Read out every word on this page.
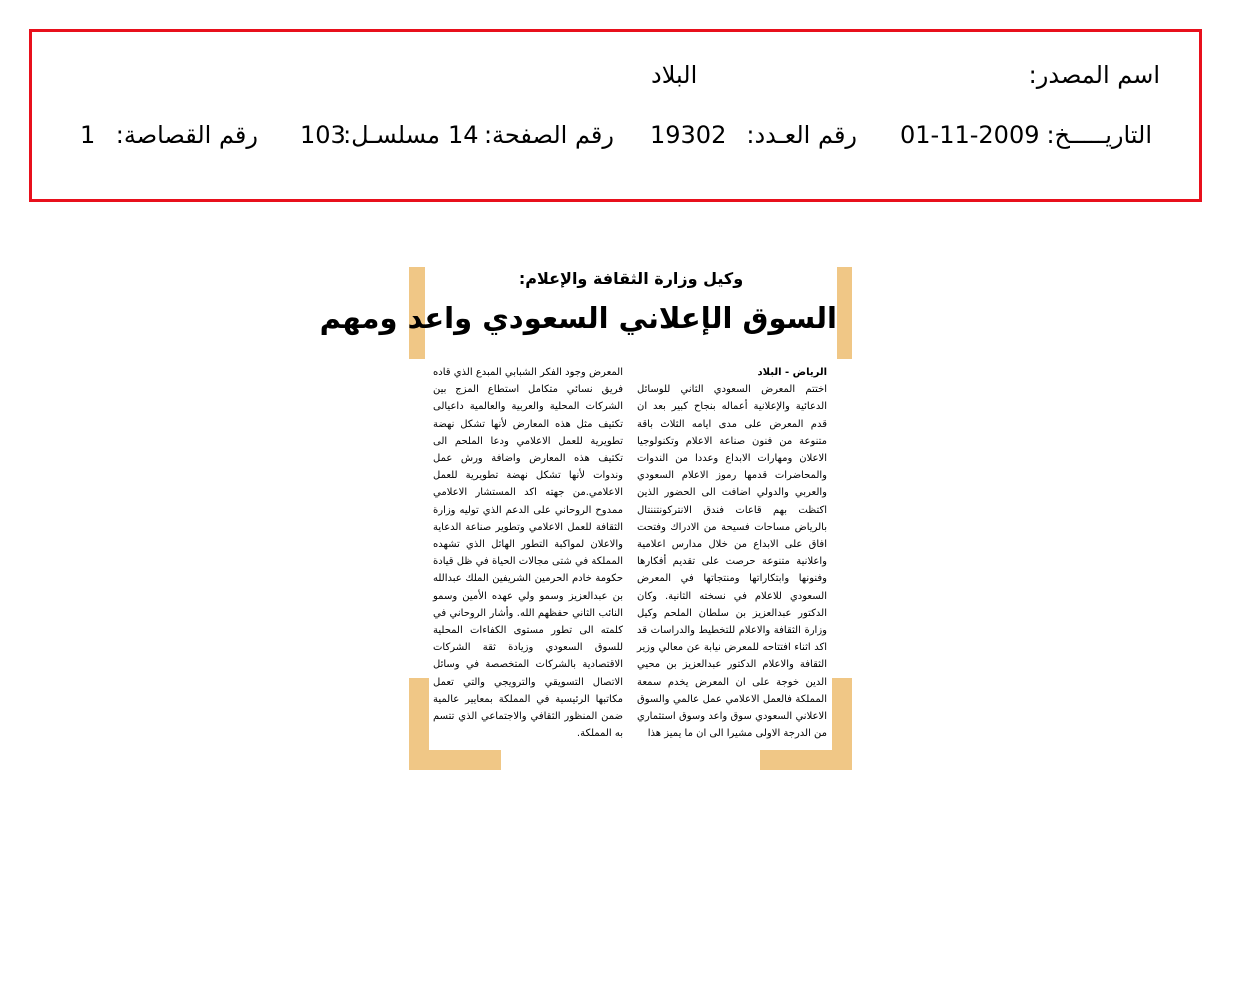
اسم المصدر:
البلاد
التاريـــــخ:
01-11-2009
رقم العـدد:
19302
رقم الصفحة:
14
مسلسـل:
103
رقم القصاصة:
1
وكيل وزارة الثقافة والإعلام:
السوق الإعلاني السعودي واعد ومهم
الرياض - البلاد
اختتم المعرض السعودي الثاني للوسائل الدعائية والإعلانية أعماله بنجاح كبير بعد ان قدم المعرض على مدى ايامه الثلاث باقة متنوعة من فنون صناعة الاعلام وتكنولوجيا الاعلان ومهارات الابداع وعددا من الندوات والمحاضرات قدمها رموز الاعلام السعودي والعربي والدولي اضافت الى الحضور الذين اكتظت بهم قاعات فندق الانتركونتننتال بالرياض مساحات فسيحة من الادراك وفتحت افاق على الابداع من خلال مدارس اعلامية واعلانية متنوعة حرصت على تقديم أفكارها وفنونها وابتكاراتها ومنتجاتها في المعرض السعودي للاعلام في نسخته الثانية. وكان الدكتور عبدالعزيز بن سلطان الملحم وكيل وزارة الثقافة والاعلام للتخطيط والدراسات قد اكد اثناء افتتاحه للمعرض نيابة عن معالي وزير الثقافة والاعلام الدكتور عبدالعزيز بن محيي الدين خوجة على ان المعرض يخدم سمعة المملكة فالعمل الاعلامي عمل عالمي والسوق الاعلاني السعودي سوق واعد وسوق استثماري من الدرجة الاولى مشيرا الى ان ما يميز هذا
المعرض وجود الفكر الشبابي المبدع الذي قاده فريق نسائي متكامل استطاع المزج بين الشركات المحلية والعربية والعالمية داعيالى تكثيف مثل هذه المعارض لأنها تشكل نهضة تطويرية للعمل الاعلامي ودعا الملحم الى تكثيف هذه المعارض واضافة ورش عمل وندوات لأنها تشكل نهضة تطويرية للعمل الاعلامي.من جهته اكد المستشار الاعلامي ممدوح الروحاني على الدعم الذي توليه وزارة الثقافة للعمل الاعلامي وتطوير صناعة الدعاية والاعلان لمواكبة التطور الهائل الذي تشهده المملكة في شتى مجالات الحياة في ظل قيادة حكومة خادم الحرمين الشريفين الملك عبدالله بن عبدالعزيز وسمو ولي عهده الأمين وسمو النائب الثاني حفظهم الله. وأشار الروحاني في كلمته الى تطور مستوى الكفاءات المحلية للسوق السعودي وزيادة ثقة الشركات الاقتصادية بالشركات المتخصصة في وسائل الاتصال التسويقي والترويجي والتي تعمل مكاتبها الرئيسية في المملكة بمعايير عالمية ضمن المنظور الثقافي والاجتماعي الذي تتسم به المملكة.
